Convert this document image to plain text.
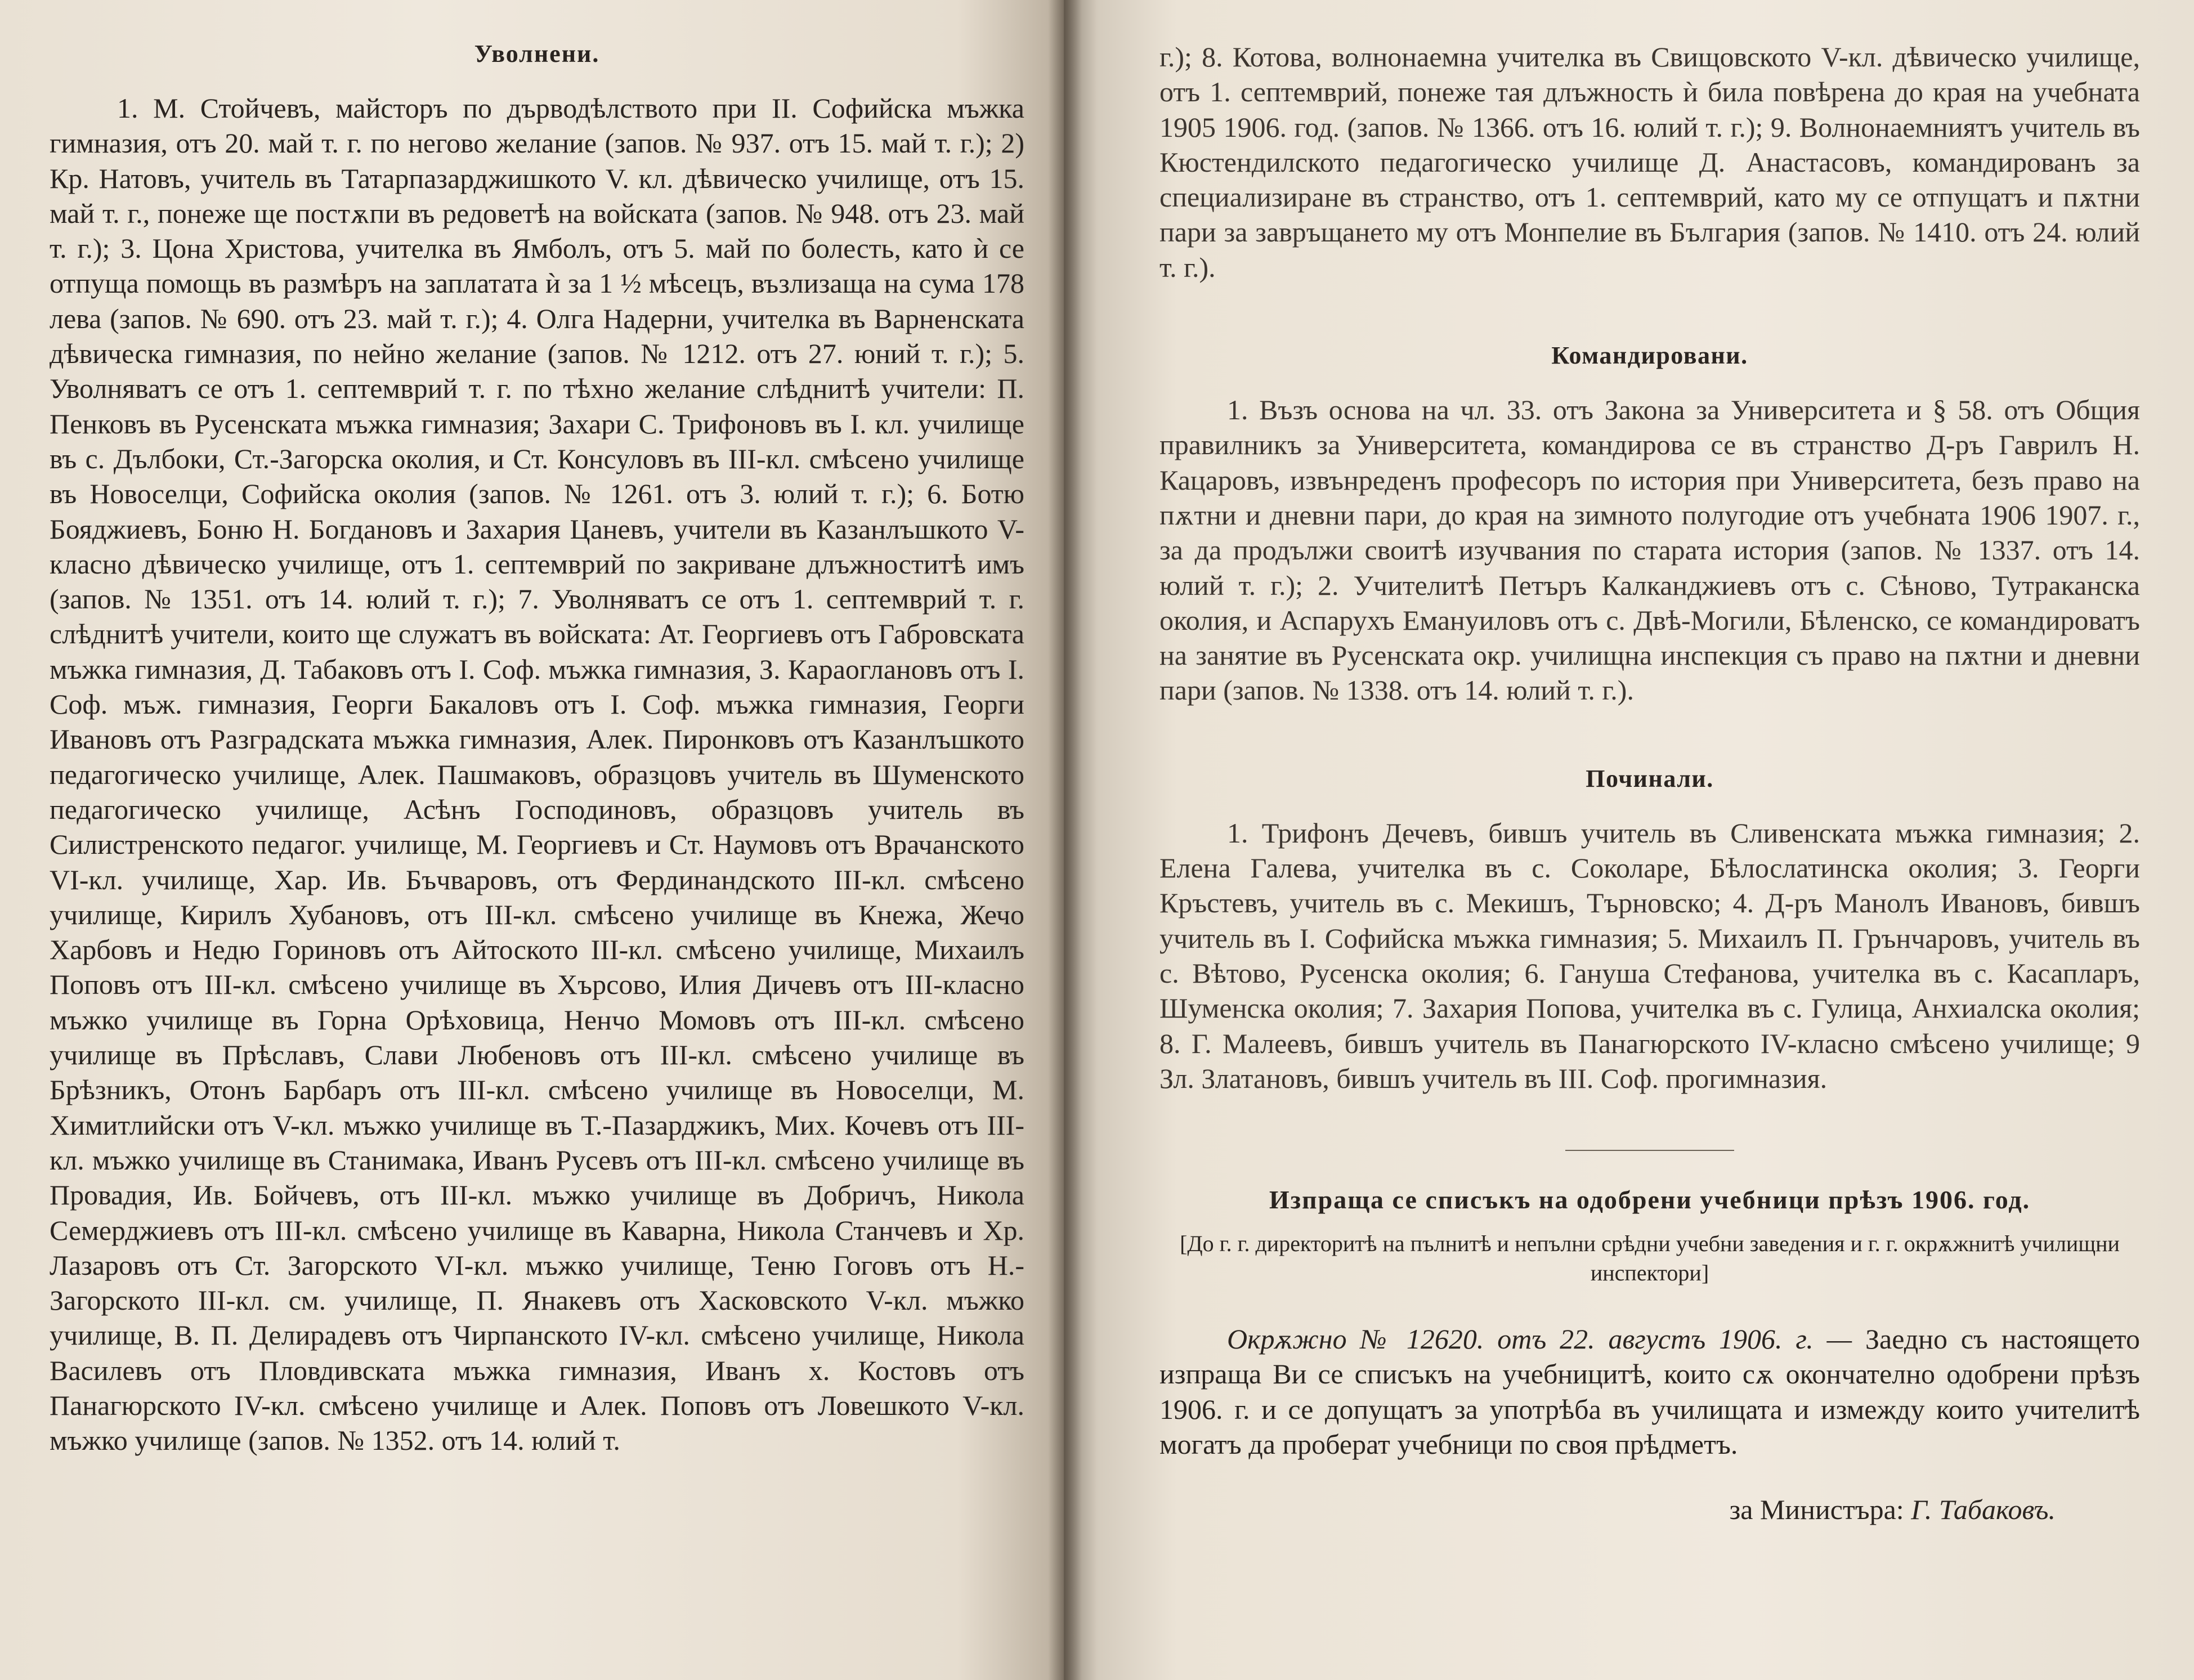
Уволнени.

1. М. Стойчевъ, майсторъ по дърводѣлството при II. Софийска мъжка гимназия, отъ 20. май т. г. по негово желание (запов. № 937. отъ 15. май т. г.); 2) Кр. Натовъ, учитель въ Татарпазарджишкото V. кл. дѣвическо училище, отъ 15. май т. г., понеже ще постѫпи въ редоветѣ на войската (запов. № 948. отъ 23. май т. г.); 3. Цона Христова, учителка въ Ямболъ, отъ 5. май по болесть, като ѝ се отпуща помощь въ размѣръ на заплатата ѝ за 1 ½ мѣсецъ, възлизаща на сума 178 лева (запов. № 690. отъ 23. май т. г.); 4. Олга Надерни, учителка въ Варненската дѣвическа гимназия, по нейно желание (запов. № 1212. отъ 27. юний т. г.); 5. Уволняватъ се отъ 1. септемврий т. г. по тѣхно желание слѣднитѣ учители: П. Пенковъ въ Русенската мъжка гимназия; Захари С. Трифоновъ въ I. кл. училище въ с. Дълбоки, Ст.-Загорска околия, и Ст. Консуловъ въ III-кл. смѣсено училище въ Новоселци, Софийска околия (запов. № 1261. отъ 3. юлий т. г.); 6. Ботю Бояджиевъ, Боню Н. Богдановъ и Захария Цаневъ, учители въ Казанлъшкото V-класно дѣвическо училище, отъ 1. септемврий по закриване длъжноститѣ имъ (запов. № 1351. отъ 14. юлий т. г.); 7. Уволняватъ се отъ 1. септемврий т. г. слѣднитѣ учители, които ще служатъ въ войската: Ат. Георгиевъ отъ Габровската мъжка гимназия, Д. Табаковъ отъ I. Соф. мъжка гимназия, З. Караоглановъ отъ I. Соф. мъж. гимназия, Георги Бакаловъ отъ I. Соф. мъжка гимназия, Георги Ивановъ отъ Разградската мъжка гимназия, Алек. Пиронковъ отъ Казанлъшкото педагогическо училище, Алек. Пашмаковъ, образцовъ учитель въ Шуменското педагогическо училище, Асѣнъ Господиновъ, образцовъ учитель въ Силистренското педагог. училище, М. Георгиевъ и Ст. Наумовъ отъ Врачанското VI-кл. училище, Хар. Ив. Бъчваровъ, отъ Фердинандското III-кл. смѣсено училище, Кирилъ Хубановъ, отъ III-кл. смѣсено училище въ Кнежа, Жечо Харбовъ и Недю Гориновъ отъ Айтоското III-кл. смѣсено училище, Михаилъ Поповъ отъ III-кл. смѣсено училище въ Хърсово, Илия Дичевъ отъ III-класно мъжко училище въ Горна Орѣховица, Ненчо Момовъ отъ III-кл. смѣсено училище въ Прѣславъ, Слави Любеновъ отъ III-кл. смѣсено училище въ Брѣзникъ, Отонъ Барбаръ отъ III-кл. смѣсено училище въ Новоселци, М. Химитлийски отъ V-кл. мъжко училище въ Т.-Пазарджикъ, Мих. Кочевъ отъ III-кл. мъжко училище въ Станимака, Иванъ Русевъ отъ III-кл. смѣсено училище въ Провадия, Ив. Бойчевъ, отъ III-кл. мъжко училище въ Добричъ, Никола Семерджиевъ отъ III-кл. смѣсено училище въ Каварна, Никола Станчевъ и Хр. Лазаровъ отъ Ст. Загорското VI-кл. мъжко училище, Теню Гоговъ отъ Н.-Загорското III-кл. см. училище, П. Янакевъ отъ Хасковското V-кл. мъжко училище, В. П. Делирадевъ отъ Чирпанското IV-кл. смѣсено училище, Никола Василевъ отъ Пловдивската мъжка гимназия, Иванъ х. Костовъ отъ Панагюрското IV-кл. смѣсено училище и Алек. Поповъ отъ Ловешкото V-кл. мъжко училище (запов. № 1352. отъ 14. юлий т.

г.); 8. Котова, волнонаемна учителка въ Свищовското V-кл. дѣвическо училище, отъ 1. септемврий, понеже тая длъжность ѝ била повѣрена до края на учебната 1905 1906. год. (запов. № 1366. отъ 16. юлий т. г.); 9. Волнонаемниятъ учитель въ Кюстендилското педагогическо училище Д. Анастасовъ, командированъ за специализиране въ странство, отъ 1. септемврий, като му се отпущатъ и пѫтни пари за завръщането му отъ Монпелие въ България (запов. № 1410. отъ 24. юлий т. г.).

Командировани.

1. Възъ основа на чл. 33. отъ Закона за Университета и § 58. отъ Общия правилникъ за Университета, командирова се въ странство Д-ръ Гаврилъ Н. Кацаровъ, извънреденъ професоръ по история при Университета, безъ право на пѫтни и дневни пари, до края на зимното полугодие отъ учебната 1906 1907. г., за да продължи своитѣ изучвания по старата история (запов. № 1337. отъ 14. юлий т. г.); 2. Учителитѣ Петъръ Калканджиевъ отъ с. Сѣново, Тутраканска околия, и Аспарухъ Емануиловъ отъ с. Двѣ-Могили, Бѣленско, се командироватъ на занятие въ Русенската окр. училищна инспекция съ право на пѫтни и дневни пари (запов. № 1338. отъ 14. юлий т. г.).

Починали.

1. Трифонъ Дечевъ, бившъ учитель въ Сливенската мъжка гимназия; 2. Елена Галева, учителка въ с. Соколаре, Бѣлослатинска околия; 3. Георги Кръстевъ, учитель въ с. Мекишъ, Търновско; 4. Д-ръ Манолъ Ивановъ, бившъ учитель въ I. Софийска мъжка гимназия; 5. Михаилъ П. Грънчаровъ, учитель въ с. Вѣтово, Русенска околия; 6. Гануша Стефанова, учителка въ с. Касапларъ, Шуменска околия; 7. Захария Попова, учителка въ с. Гулица, Анхиалска околия; 8. Г. Малеевъ, бившъ учитель въ Панагюрското IV-класно смѣсено училище; 9 Зл. Златановъ, бившъ учитель въ III. Соф. прогимназия.

Изпраща се списъкъ на одобрени учебници прѣзъ 1906. год.
[До г. г. директоритѣ на пълнитѣ и непълни срѣдни учебни заведения и г. г. окрѫжнитѣ училищни инспектори]

Окрѫжно № 12620. отъ 22. августъ 1906. г. — Заедно съ настоящето изпраща Ви се списъкъ на учебницитѣ, които сѫ окончателно одобрени прѣзъ 1906. г. и се допущатъ за употрѣба въ училищата и измежду които учителитѣ могатъ да проберат учебници по своя прѣдметъ.

за Министъра: Г. Табаковъ.
